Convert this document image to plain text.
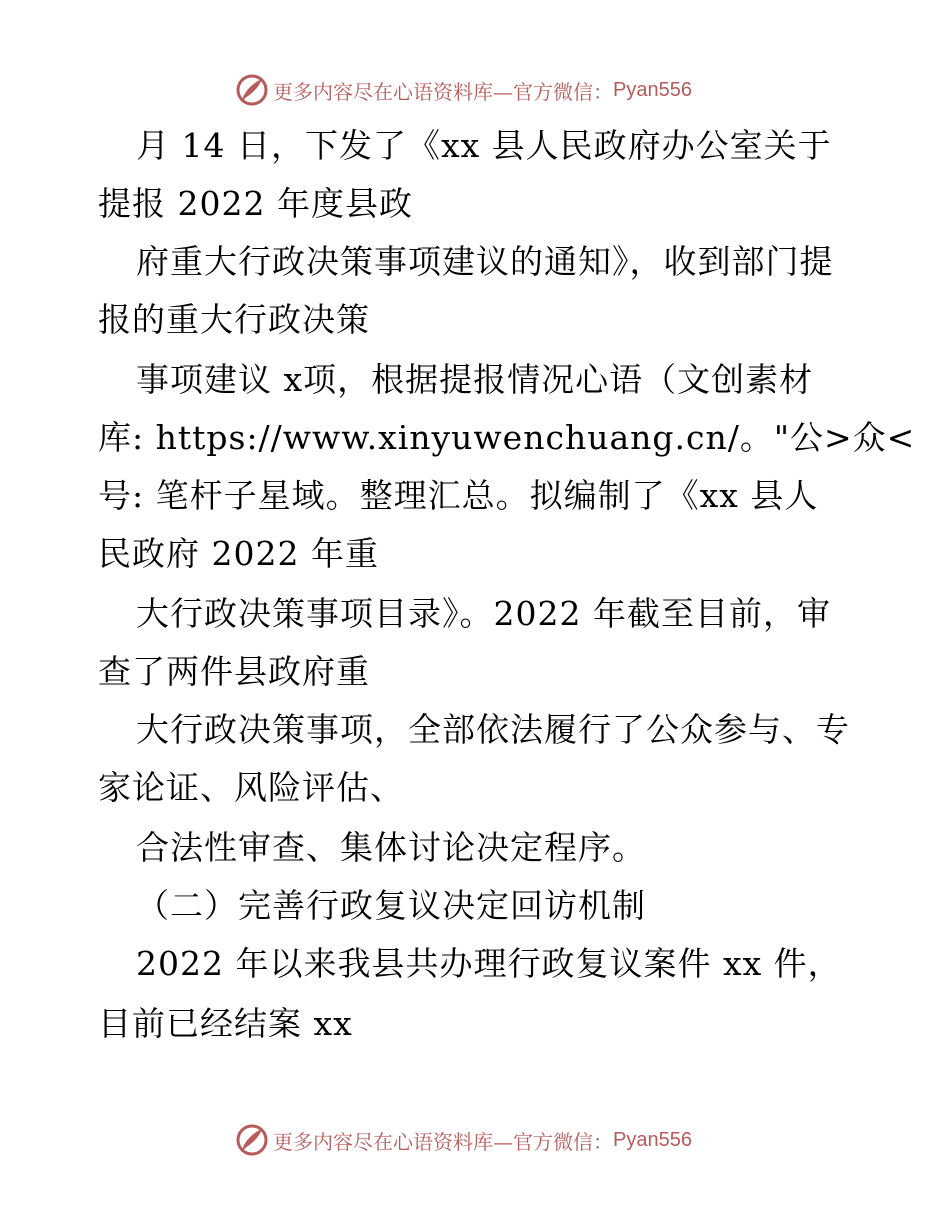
更多内容尽在心语资料库—官方微信： Pyan556
月 14 日，下发了《xx 县人民政府办公室关于
提报 2022 年度县政
府重大行政决策事项建议的通知》，收到部门提
报的重大行政决策
事项建议 x项，根据提报情况心语（文创素材
库: https://www.xinyuwenchuang.cn/。"公>众<
号: 笔杆子星域。整理汇总。拟编制了《xx 县人
民政府 2022 年重
大行政决策事项目录》。2022 年截至目前，审
查了两件县政府重
大行政决策事项，全部依法履行了公众参与、专
家论证、风险评估、
合法性审查、集体讨论决定程序。
（二）完善行政复议决定回访机制
2022 年以来我县共办理行政复议案件 xx 件，
目前已经结案 xx
更多内容尽在心语资料库—官方微信： Pyan556
